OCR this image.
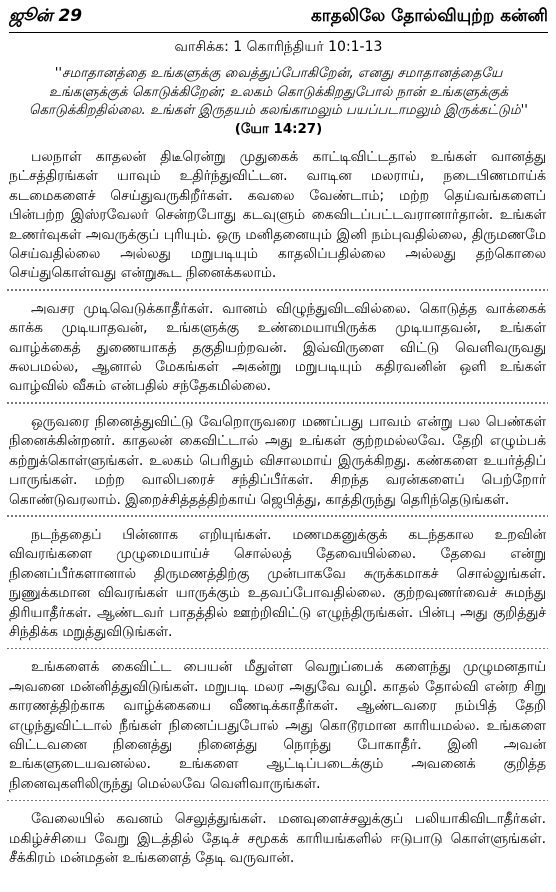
ஜூன் 29	காதலிலே தோல்வியுற்ற கன்னி
வாசிக்க: 1 கொரிந்தியர் 10:1-13
''சமாதானத்தை உங்களுக்கு வைத்துப்போகிறேன், எனது சமாதானத்தையே உங்களுக்குக் கொடுக்கிறேன்; உலகம் கொடுக்கிறதுபோல் நான் உங்களுக்குக் கொடுக்கிறதில்லை. உங்கள் இருதயம் கலங்காமலும் பயப்படாமலும் இருக்கட்டும்'' (யோ 14:27)
பலநாள் காதலன் திடீரென்று முதுகைக் காட்டிவிட்டதால் உங்கள் வானத்து நட்சத்திரங்கள் யாவும் உதிர்ந்துவிட்டன. வாடின மலராய், நடைபிணமாய்க் கடமைகளைச் செய்துவருகிறீர்கள். கவலை வேண்டாம்; மற்ற தெய்வங்களைப் பின்பற்ற இஸ்ரவேலர் சென்றபோது கடவுளும் கைவிடப்பட்டவரானார்தான். உங்கள் உணர்வுகள் அவருக்குப் புரியும். ஒரு மனிதனையும் இனி நம்புவதில்லை, திருமணமே செய்வதில்லை அல்லது மறுபடியும் காதலிப்பதில்லை அல்லது தற்கொலை செய்துகொள்வது என்றுகூட நினைக்கலாம்.
அவசர முடிவெடுக்காதீர்கள். வானம் விழுந்துவிடவில்லை. கொடுத்த வாக்கைக் காக்க முடியாதவன், உங்களுக்கு உண்மையாயிருக்க முடியாதவன், உங்கள் வாழ்க்கைத் துணையாகத் தகுதியற்றவன். இவ்விருளை விட்டு வெளிவருவது சுலபமல்ல, ஆனால் மேகங்கள் அகன்று மறுபடியும் கதிரவனின் ஒளி உங்கள் வாழ்வில் வீசும் என்பதில் சந்தேகமில்லை.
ஒருவரை நினைத்துவிட்டு வேறொருவரை மணப்பது பாவம் என்று பல பெண்கள் நினைக்கின்றனர். காதலன் கைவிட்டால் அது உங்கள் குற்றமல்லவே. தேறி எழும்பக் கற்றுக்கொள்ளுங்கள். உலகம் பெரிதும் விசாலமாய் இருக்கிறது. கண்களை உயர்த்திப் பாருங்கள். மற்ற வாலிபரைச் சந்திப்பீர்கள். சிறந்த வரன்களைப் பெற்றோர் கொண்டுவரலாம். இறைச்சித்தத்திற்காய் ஜெபித்து, காத்திருந்து தெரிந்தெடுங்கள்.
நடந்ததைப் பின்னாக எறியுங்கள். மணமகனுக்குக் கடந்தகால உறவின் விவரங்களை முழுமையாய்ச் சொல்லத் தேவையில்லை. தேவை என்று நினைப்பீர்களானால் திருமணத்திற்கு முன்பாகவே சுருக்கமாகச் சொல்லுங்கள். நுணுக்கமான விவரங்கள் யாருக்கும் உதவப்போவதில்லை. குற்றவுணர்வைச் சுமந்து திரியாதீர்கள். ஆண்டவர் பாதத்தில் ஊற்றிவிட்டு எழுந்திருங்கள். பின்பு அது குறித்துச் சிந்திக்க மறுத்துவிடுங்கள்.
உங்களைக் கைவிட்ட பையன் மீதுள்ள வெறுப்பைக் களைந்து முழுமனதாய் அவனை மன்னித்துவிடுங்கள். மறுபடி மலர அதுவே வழி. காதல் தோல்வி என்ற சிறு காரணத்திற்காக வாழ்க்கையை வீணடிக்காதீர்கள். ஆண்டவரை நம்பித் தேறி எழுந்துவிட்டால் நீங்கள் நினைப்பதுபோல் அது கொடூரமான காரியமல்ல. உங்களை விட்டவனை நினைத்து நினைத்து நொந்து போகாதீர். இனி அவன் உங்களுடையவனல்ல. உங்களை ஆட்டிப்படைக்கும் அவனைக் குறித்த நினைவுகளிலிருந்து மெல்லவே வெளிவாருங்கள்.
வேலையில் கவனம் செலுத்துங்கள். மனவுளைச்சலுக்குப் பலியாகிவிடாதீர்கள். மகிழ்ச்சியை வேறு இடத்தில் தேடிச் சமூகக் காரியங்களில் ஈடுபாடு கொள்ளுங்கள். சீக்கிரம் மன்மதன் உங்களைத் தேடி வருவான்.
